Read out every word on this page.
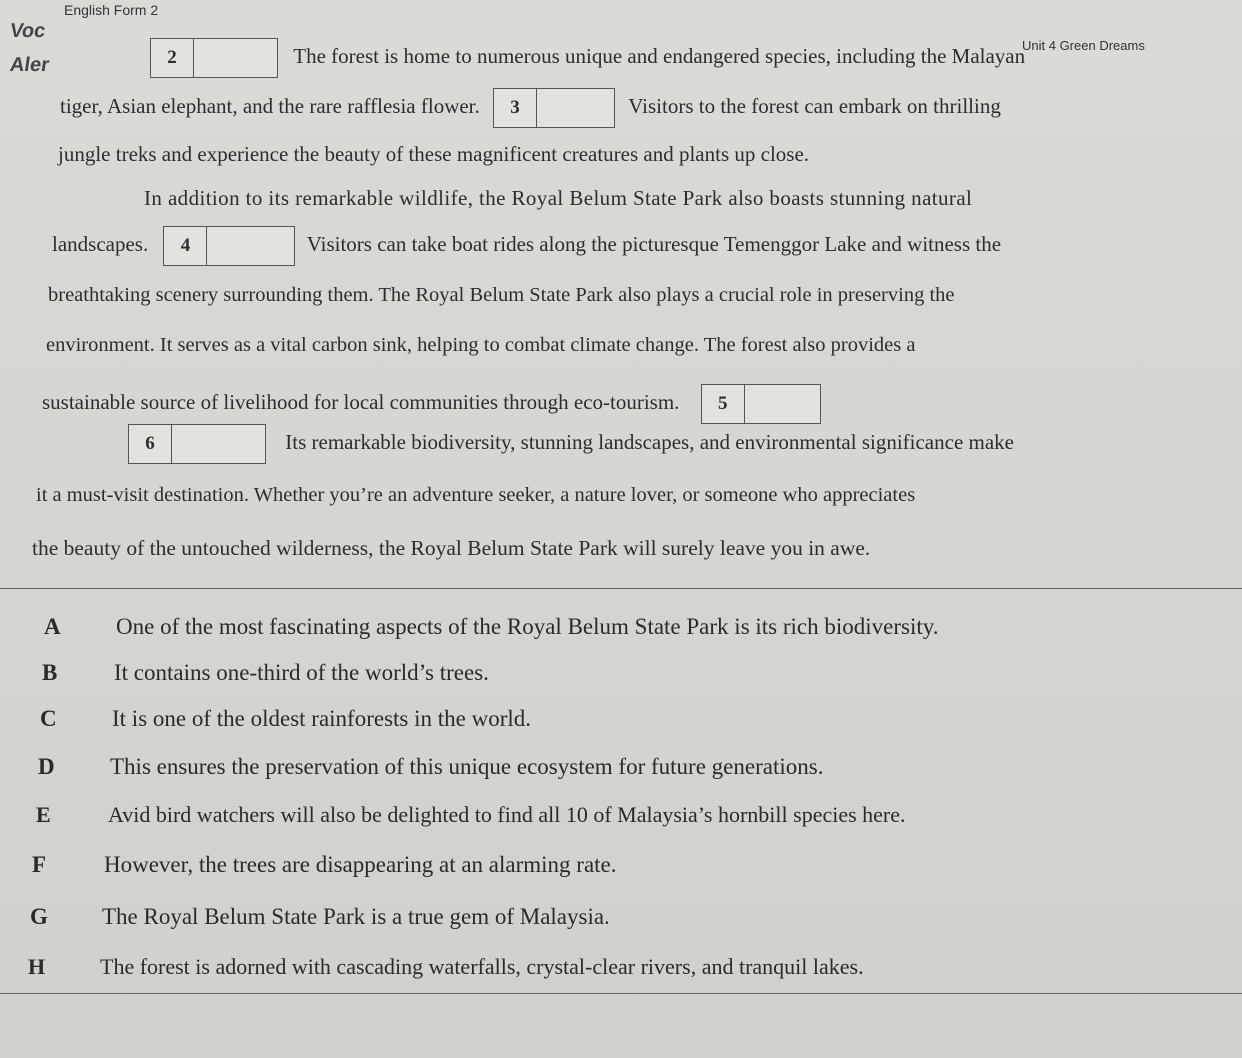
Voc
Aler
English Form 2
Unit 4 Green Dreams
2	The forest is home to numerous unique and endangered species, including the Malayan
tiger, Asian elephant, and the rare rafflesia flower. 3	Visitors to the forest can embark on thrilling
jungle treks and experience the beauty of these magnificent creatures and plants up close.
In addition to its remarkable wildlife, the Royal Belum State Park also boasts stunning natural
landscapes. 4	Visitors can take boat rides along the picturesque Temenggor Lake and witness the
breathtaking scenery surrounding them. The Royal Belum State Park also plays a crucial role in preserving the
environment. It serves as a vital carbon sink, helping to combat climate change. The forest also provides a
sustainable source of livelihood for local communities through eco-tourism. 5
6	Its remarkable biodiversity, stunning landscapes, and environmental significance make
it a must-visit destination. Whether you’re an adventure seeker, a nature lover, or someone who appreciates
the beauty of the untouched wilderness, the Royal Belum State Park will surely leave you in awe.
A One of the most fascinating aspects of the Royal Belum State Park is its rich biodiversity.
B It contains one-third of the world’s trees.
C It is one of the oldest rainforests in the world.
D This ensures the preservation of this unique ecosystem for future generations.
E	Avid bird watchers will also be delighted to find all 10 of Malaysia’s hornbill species here.
F	However, the trees are disappearing at an alarming rate.
G The Royal Belum State Park is a true gem of Malaysia.
H The forest is adorned with cascading waterfalls, crystal-clear rivers, and tranquil lakes.
